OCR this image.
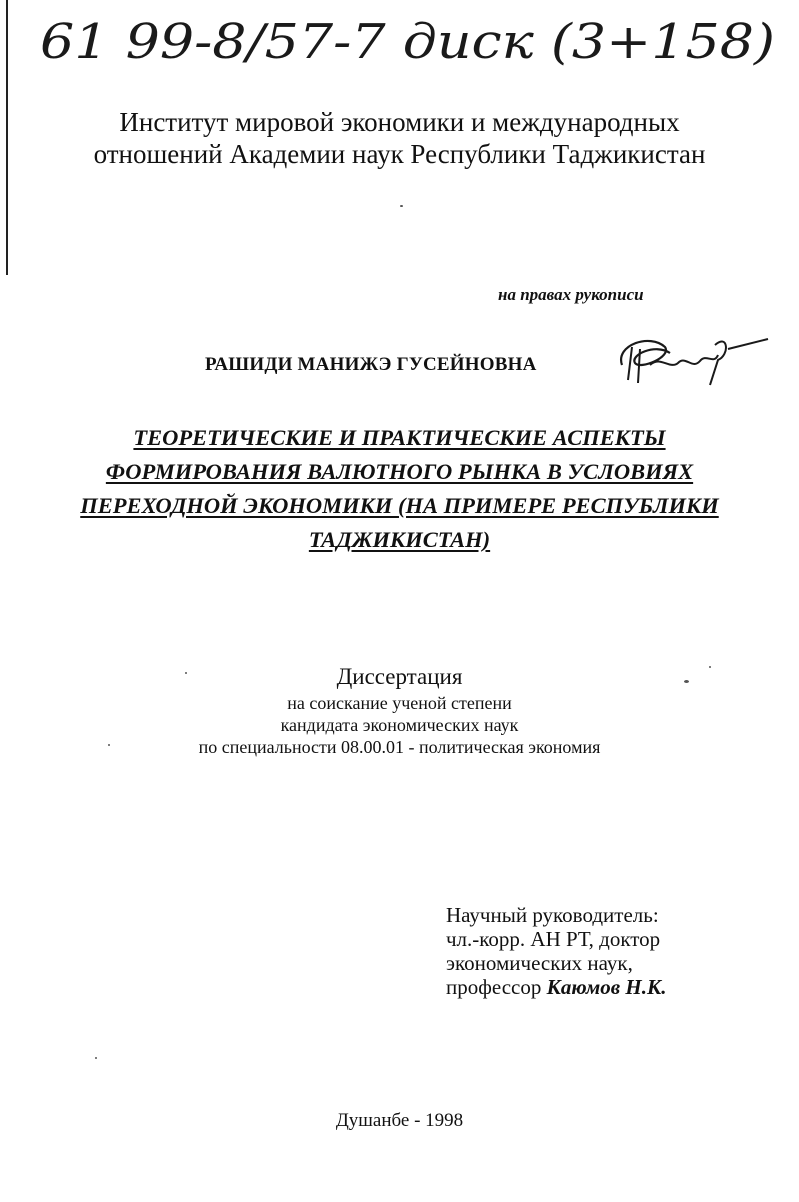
61 99-8/57-7 диск (3+158)
Институт мировой экономики и международных
отношений Академии наук Республики Таджикистан
на правах рукописи
РАШИДИ МАНИЖЭ ГУСЕЙНОВНА
ТЕОРЕТИЧЕСКИЕ И ПРАКТИЧЕСКИЕ АСПЕКТЫ
ФОРМИРОВАНИЯ ВАЛЮТНОГО РЫНКА В УСЛОВИЯХ
ПЕРЕХОДНОЙ ЭКОНОМИКИ (НА ПРИМЕРЕ РЕСПУБЛИКИ
ТАДЖИКИСТАН)
Диссертация
на соискание ученой степени
кандидата экономических наук
по специальности 08.00.01 - политическая экономия
Научный руководитель:
чл.-корр. АН РТ, доктор
экономических наук,
профессор Каюмов Н.К.
Душанбе - 1998
